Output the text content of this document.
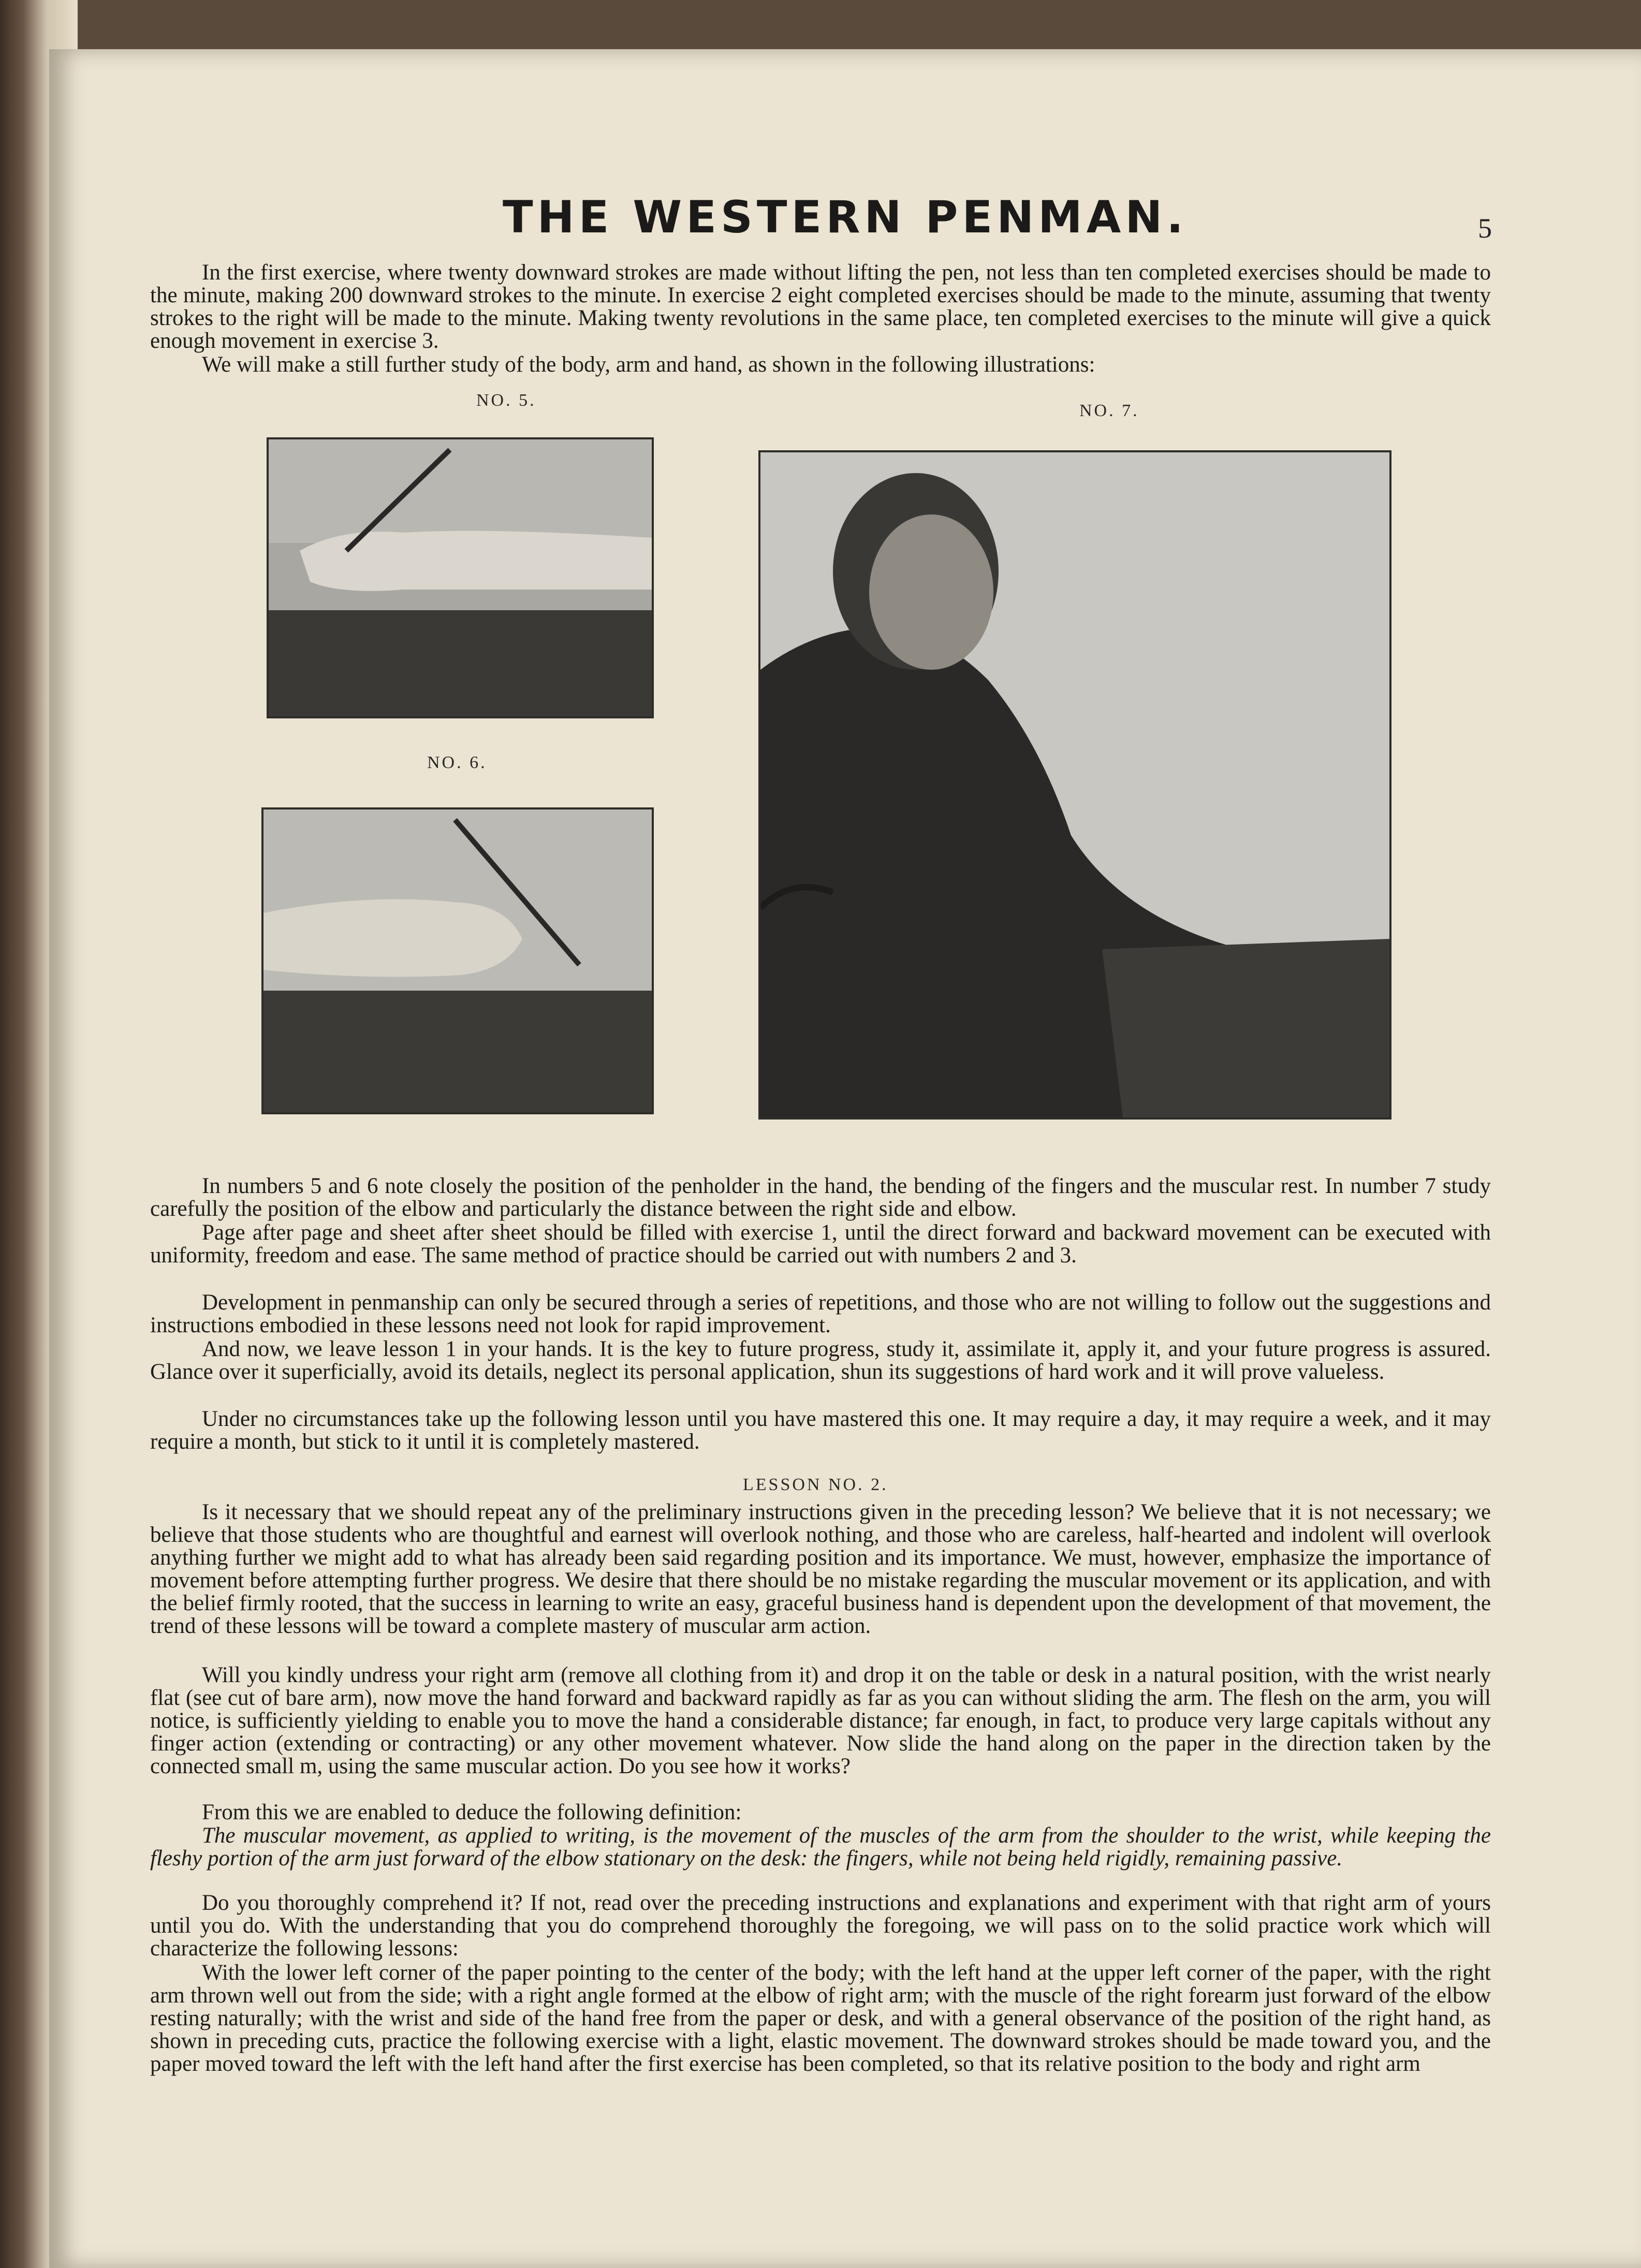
THE WESTERN PENMAN.	5

In the first exercise, where twenty downward strokes are made without lifting the pen, not less than ten completed exercises should be made to the minute, making 200 downward strokes to the minute. In exercise 2 eight completed exercises should be made to the minute, assuming that twenty strokes to the right will be made to the minute. Making twenty revolutions in the same place, ten completed exercises to the minute will give a quick enough movement in exercise 3.

We will make a still further study of the body, arm and hand, as shown in the following illustrations:

NO. 5.
NO. 7.
NO. 6.

In numbers 5 and 6 note closely the position of the penholder in the hand, the bending of the fingers and the muscular rest. In number 7 study carefully the position of the elbow and particularly the distance between the right side and elbow.

Page after page and sheet after sheet should be filled with exercise 1, until the direct forward and backward movement can be executed with uniformity, freedom and ease. The same method of practice should be carried out with numbers 2 and 3.

Development in penmanship can only be secured through a series of repetitions, and those who are not willing to follow out the suggestions and instructions embodied in these lessons need not look for rapid improvement.

And now, we leave lesson 1 in your hands. It is the key to future progress, study it, assimilate it, apply it, and your future progress is assured. Glance over it superficially, avoid its details, neglect its personal application, shun its suggestions of hard work and it will prove valueless.

Under no circumstances take up the following lesson until you have mastered this one. It may require a day, it may require a week, and it may require a month, but stick to it until it is completely mastered.

LESSON NO. 2.

Is it necessary that we should repeat any of the preliminary instructions given in the preceding lesson? We believe that it is not necessary; we believe that those students who are thoughtful and earnest will overlook nothing, and those who are careless, half-hearted and indolent will overlook anything further we might add to what has already been said regarding position and its importance. We must, however, emphasize the importance of movement before attempting further progress. We desire that there should be no mistake regarding the muscular movement or its application, and with the belief firmly rooted, that the success in learning to write an easy, graceful business hand is dependent upon the development of that movement, the trend of these lessons will be toward a complete mastery of muscular arm action.

Will you kindly undress your right arm (remove all clothing from it) and drop it on the table or desk in a natural position, with the wrist nearly flat (see cut of bare arm), now move the hand forward and backward rapidly as far as you can without sliding the arm. The flesh on the arm, you will notice, is sufficiently yielding to enable you to move the hand a considerable distance; far enough, in fact, to produce very large capitals without any finger action (extending or contracting) or any other movement whatever. Now slide the hand along on the paper in the direction taken by the connected small m, using the same muscular action. Do you see how it works?

From this we are enabled to deduce the following definition:

The muscular movement, as applied to writing, is the movement of the muscles of the arm from the shoulder to the wrist, while keeping the fleshy portion of the arm just forward of the elbow stationary on the desk: the fingers, while not being held rigidly, remaining passive.

Do you thoroughly comprehend it? If not, read over the preceding instructions and explanations and experiment with that right arm of yours until you do. With the understanding that you do comprehend thoroughly the foregoing, we will pass on to the solid practice work which will characterize the following lessons:

With the lower left corner of the paper pointing to the center of the body; with the left hand at the upper left corner of the paper, with the right arm thrown well out from the side; with a right angle formed at the elbow of right arm; with the muscle of the right forearm just forward of the elbow resting naturally; with the wrist and side of the hand free from the paper or desk, and with a general observance of the position of the right hand, as shown in preceding cuts, practice the following exercise with a light, elastic movement. The downward strokes should be made toward you, and the paper moved toward the left with the left hand after the first exercise has been completed, so that its relative position to the body and right arm
